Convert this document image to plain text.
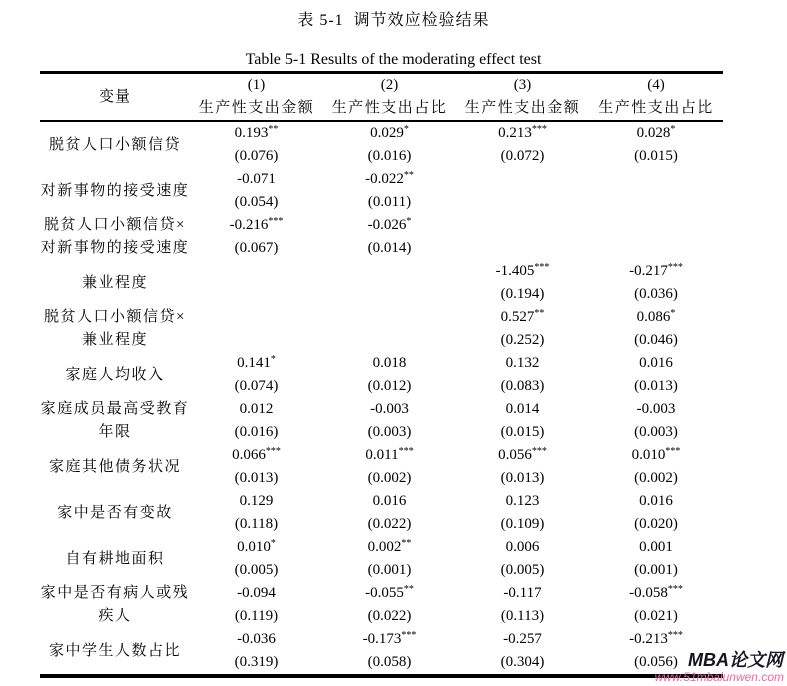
表 5-1  调节效应检验结果
Table 5-1 Results of the moderating effect test
变量	(1)	(2)	(3)	(4)
	生产性支出金额	生产性支出占比	生产性支出金额	生产性支出占比

脱贫人口小额信贷	0.193**	0.029*	0.213***	0.028*
	(0.076)	(0.016)	(0.072)	(0.015)

对新事物的接受速度	-0.071	-0.022**		
	(0.054)	(0.011)		

脱贫人口小额信贷×
对新事物的接受速度	-0.216***	-0.026*		
	(0.067)	(0.014)		

兼业程度			-1.405***	-0.217***
			(0.194)	(0.036)

脱贫人口小额信贷×
兼业程度			0.527**	0.086*
			(0.252)	(0.046)

家庭人均收入	0.141*	0.018	0.132	0.016
	(0.074)	(0.012)	(0.083)	(0.013)

家庭成员最高受教育
年限	0.012	-0.003	0.014	-0.003
	(0.016)	(0.003)	(0.015)	(0.003)

家庭其他债务状况	0.066***	0.011***	0.056***	0.010***
	(0.013)	(0.002)	(0.013)	(0.002)

家中是否有变故	0.129	0.016	0.123	0.016
	(0.118)	(0.022)	(0.109)	(0.020)

自有耕地面积	0.010*	0.002**	0.006	0.001
	(0.005)	(0.001)	(0.005)	(0.001)

家中是否有病人或残
疾人	-0.094	-0.055**	-0.117	-0.058***
	(0.119)	(0.022)	(0.113)	(0.021)

家中学生人数占比	-0.036	-0.173***	-0.257	-0.213***
	(0.319)	(0.058)	(0.304)	(0.056) MBA论文网
www.51mbalunwen.com
